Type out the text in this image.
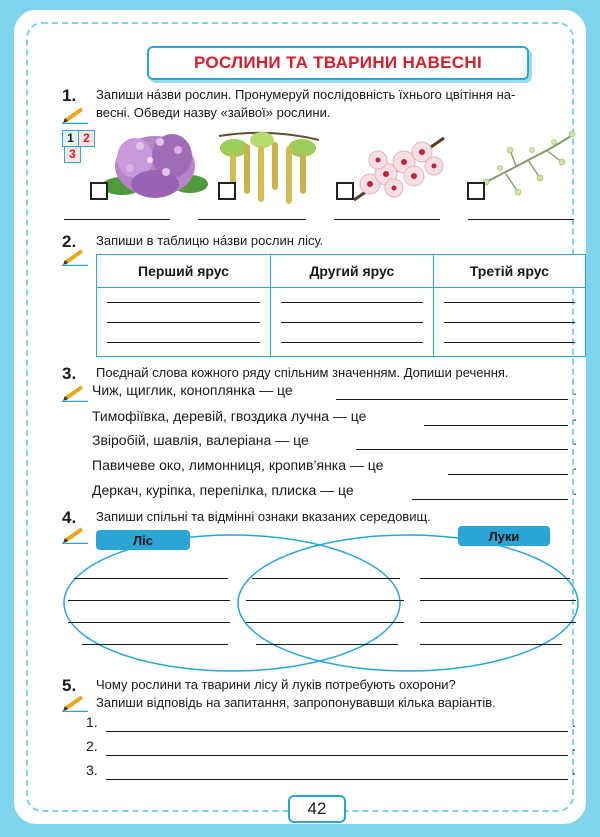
РОСЛИНИ ТА ТВАРИНИ НАВЕСНІ
1. Запиши на́зви рослин. Пронумеруй послідовність їхнього цвітіння на-
весні. Обведи назву «зайвої» рослини.
1 2
3
2. Запиши в таблицю на́зви рослин лісу.
Перший ярус	Другий ярус	Третій ярус

3. Поєднай слова кожного ряду спільним значенням. Допиши речення.
Чиж, щиглик, коноплянка — це	.
Тимофіївка, деревій, гвоздика лучна — це	.
Звіробій, шавлія, валеріана — це	.
Павичеве око, лимонниця, кропив’янка — це	.
Деркач, куріпка, перепілка, плиска — це	.
4. Запиши спільні та відмінні ознаки вказаних середовищ.
Ліс	Луки
5. Чому рослини та тварини лісу й луків потребують охорони?
Запиши відповідь на запитання, запропонувавши кілька варіантів.
1.	.
2.	.
3.	.
42
